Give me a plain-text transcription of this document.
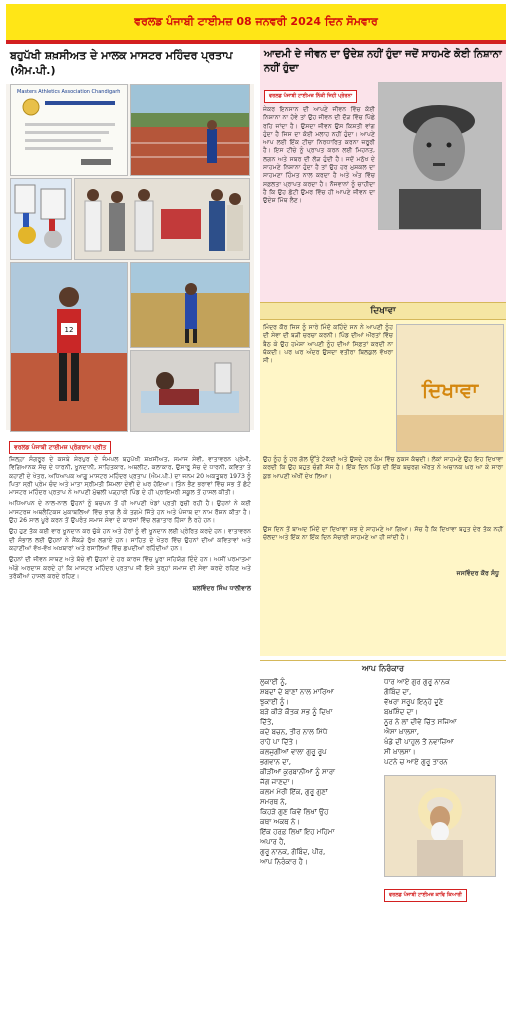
ਵਰਲਡ ਪੰਜਾਬੀ ਟਾਈਮਜ਼ 08 ਜਨਵਰੀ 2024 ਦਿਨ ਸੋਮਵਾਰ
ਬਹੁਪੱਖੀ ਸ਼ਖ਼ਸੀਅਤ ਦੇ ਮਾਲਕ ਮਾਸਟਰ ਮਹਿੰਦਰ ਪ੍ਰਤਾਪ (ਐਮ.ਪੀ.)
Masters Athletics Association Chandigarh
12
ਵਰਲਡ ਪੰਜਾਬੀ ਟਾਈਮਜ਼ ਪ੍ਰੋਗਰਾਮ ਪ੍ਰੀਤ

ਜ਼ਿਲ੍ਹਾ ਸੰਗਰੂਰ ਦੇ ਕਸਬੇ ਸ਼ੇਰਪੁਰ ਦੇ ਜੰਮਪਲ ਬਹੁਪੱਖੀ ਸ਼ਖ਼ਸੀਅਤ, ਸਮਾਜ ਸੇਵੀ, ਵਾਤਾਵਰਨ ਪ੍ਰੇਮੀ, ਵਿਗਿਆਨਕ ਸੋਚ ਦੇ ਧਾਰਨੀ, ਖੂਨਦਾਨੀ, ਸਾਹਿਤਕਾਰ, ਅਥਲੀਟ, ਕਲਾਕਾਰ, ਉਸਾਰੂ ਸੋਚ ਦੇ ਧਾਰਨੀ, ਕਵਿਤਾ ਤੇ ਕਹਾਣੀ ਦੇ ਖੇਤਰ, ਅਧਿਆਪਕ ਆਗੂ ਮਾਸਟਰ ਮਹਿੰਦਰ ਪ੍ਰਤਾਪ (ਐਮ.ਪੀ.) ਦਾ ਜਨਮ 20 ਅਕਤੂਬਰ 1973 ਨੂੰ ਪਿਤਾ ਸ੍ਰੀ ਪ੍ਰੇਮ ਚੰਦ ਅਤੇ ਮਾਤਾ ਸ੍ਰੀਮਤੀ ਸ਼ਿਮਲਾ ਦੇਵੀ ਦੇ ਘਰ ਹੋਇਆ। ਤਿੰਨ ਭੈਣ ਭਰਾਵਾਂ ਵਿੱਚ ਸਭ ਤੋਂ ਛੋਟੇ ਮਾਸਟਰ ਮਹਿੰਦਰ ਪ੍ਰਤਾਪ ਨੇ ਆਪਣੀ ਮੁੱਢਲੀ ਪੜ੍ਹਾਈ ਪਿੰਡ ਦੇ ਹੀ ਪ੍ਰਾਇਮਰੀ ਸਕੂਲ ਤੋਂ ਹਾਸਲ ਕੀਤੀ।

ਅਧਿਆਪਨ ਦੇ ਨਾਲ-ਨਾਲ ਉਹਨਾਂ ਨੂੰ ਬਚਪਨ ਤੋਂ ਹੀ ਆਪਣੀ ਖੇਡਾਂ ਪ੍ਰਤੀ ਰੁਚੀ ਰਹੀ ਹੈ। ਉਹਨਾਂ ਨੇ ਕਈ ਮਾਸਟਰਜ਼ ਅਥਲੈਟਿਕਸ ਮੁਕਾਬਲਿਆਂ ਵਿੱਚ ਭਾਗ ਲੈ ਕੇ ਤਗਮੇ ਜਿੱਤੇ ਹਨ ਅਤੇ ਪੰਜਾਬ ਦਾ ਨਾਮ ਰੌਸ਼ਨ ਕੀਤਾ ਹੈ। ਉਹ 26 ਸਾਲ ਪੂਰੇ ਕਰਨ ਤੋਂ ਉਪਰੰਤ ਸਮਾਜ ਸੇਵਾ ਦੇ ਕਾਰਜਾਂ ਵਿੱਚ ਲਗਾਤਾਰ ਹਿੱਸਾ ਲੈ ਰਹੇ ਹਨ।

ਉਹ ਹੁਣ ਤੱਕ ਕਈ ਵਾਰ ਖੂਨਦਾਨ ਕਰ ਚੁੱਕੇ ਹਨ ਅਤੇ ਹੋਰਾਂ ਨੂੰ ਵੀ ਖੂਨਦਾਨ ਲਈ ਪ੍ਰੇਰਿਤ ਕਰਦੇ ਹਨ। ਵਾਤਾਵਰਨ ਦੀ ਸੰਭਾਲ ਲਈ ਉਹਨਾਂ ਨੇ ਸੈਂਕੜੇ ਰੁੱਖ ਲਗਾਏ ਹਨ। ਸਾਹਿਤ ਦੇ ਖੇਤਰ ਵਿੱਚ ਉਹਨਾਂ ਦੀਆਂ ਕਵਿਤਾਵਾਂ ਅਤੇ ਕਹਾਣੀਆਂ ਵੱਖ-ਵੱਖ ਅਖ਼ਬਾਰਾਂ ਅਤੇ ਰਸਾਲਿਆਂ ਵਿੱਚ ਛਪਦੀਆਂ ਰਹਿੰਦੀਆਂ ਹਨ।

ਉਹਨਾਂ ਦੀ ਜੀਵਨ ਸਾਥਣ ਅਤੇ ਬੱਚੇ ਵੀ ਉਹਨਾਂ ਦੇ ਹਰ ਕਾਰਜ ਵਿੱਚ ਪੂਰਾ ਸਹਿਯੋਗ ਦਿੰਦੇ ਹਨ। ਅਸੀਂ ਪਰਮਾਤਮਾ ਅੱਗੇ ਅਰਦਾਸ ਕਰਦੇ ਹਾਂ ਕਿ ਮਾਸਟਰ ਮਹਿੰਦਰ ਪ੍ਰਤਾਪ ਜੀ ਇਸੇ ਤਰ੍ਹਾਂ ਸਮਾਜ ਦੀ ਸੇਵਾ ਕਰਦੇ ਰਹਿਣ ਅਤੇ ਤਰੱਕੀਆਂ ਹਾਸਲ ਕਰਦੇ ਰਹਿਣ।

ਬਲਵਿੰਦਰ ਸਿੰਘ ਧਾਲੀਵਾਲ

ਆਦਮੀ ਦੇ ਜੀਵਨ ਦਾ ਉਦੇਸ਼ ਨਹੀਂ ਹੁੰਦਾ ਜਦੋਂ ਸਾਹਮਣੇ ਕੋਈ ਨਿਸ਼ਾਨਾ ਨਹੀਂ ਹੁੰਦਾ
ਵਰਲਡ ਪੰਜਾਬੀ ਟਾਈਮਜ਼ ਨਿੱਕੀ ਜਿਹੀ ਪ੍ਰੇਰਨਾ

ਜੇਕਰ ਇਨਸਾਨ ਦੀ ਆਪਣੇ ਜੀਵਨ ਵਿੱਚ ਕੋਈ ਨਿਸ਼ਾਨਾ ਨਾ ਹੋਵੇ ਤਾਂ ਉਹ ਜੀਵਨ ਦੀ ਦੌੜ ਵਿੱਚ ਪਿੱਛੇ ਰਹਿ ਜਾਂਦਾ ਹੈ। ਉਸਦਾ ਜੀਵਨ ਉਸ ਕਿਸ਼ਤੀ ਵਾਂਗ ਹੁੰਦਾ ਹੈ ਜਿਸ ਦਾ ਕੋਈ ਮਲਾਹ ਨਹੀਂ ਹੁੰਦਾ। ਆਪਣੇ ਆਪ ਲਈ ਇੱਕ ਟੀਚਾ ਨਿਰਧਾਰਿਤ ਕਰਨਾ ਜ਼ਰੂਰੀ ਹੈ। ਇਸ ਟੀਚੇ ਨੂੰ ਪ੍ਰਾਪਤ ਕਰਨ ਲਈ ਮਿਹਨਤ, ਲਗਨ ਅਤੇ ਸਬਰ ਦੀ ਲੋੜ ਹੁੰਦੀ ਹੈ। ਜਦੋਂ ਮਨੁੱਖ ਦੇ ਸਾਹਮਣੇ ਨਿਸ਼ਾਨਾ ਹੁੰਦਾ ਹੈ ਤਾਂ ਉਹ ਹਰ ਮੁਸ਼ਕਲ ਦਾ ਸਾਹਮਣਾ ਹਿੰਮਤ ਨਾਲ ਕਰਦਾ ਹੈ ਅਤੇ ਅੰਤ ਵਿੱਚ ਸਫ਼ਲਤਾ ਪ੍ਰਾਪਤ ਕਰਦਾ ਹੈ। ਨੌਜਵਾਨਾਂ ਨੂੰ ਚਾਹੀਦਾ ਹੈ ਕਿ ਉਹ ਛੋਟੀ ਉਮਰ ਵਿੱਚ ਹੀ ਆਪਣੇ ਜੀਵਨ ਦਾ ਉਦੇਸ਼ ਮਿੱਥ ਲੈਣ।

ਦਿਖਾਵਾ
ਦਿਖਾਵਾ

ਮਿੰਦਰ ਕੌਰ ਜਿਸ ਨੂੰ ਸਾਰੇ ਮਿੰਦੋ ਕਹਿੰਦੇ ਸਨ ਨੇ ਆਪਣੀ ਨੂੰਹ ਦੀ ਸੇਵਾ ਦੀ ਬੜੀ ਚਰਚਾ ਕਰਨੀ। ਪਿੰਡ ਦੀਆਂ ਔਰਤਾਂ ਵਿੱਚ ਬੈਠ ਕੇ ਉਹ ਹਮੇਸ਼ਾ ਆਪਣੀ ਨੂੰਹ ਦੀਆਂ ਸਿਫ਼ਤਾਂ ਕਰਦੀ ਨਾ ਥੱਕਦੀ। ਪਰ ਘਰ ਅੰਦਰ ਉਸਦਾ ਵਤੀਰਾ ਬਿਲਕੁਲ ਵੱਖਰਾ ਸੀ।

ਉਹ ਨੂੰਹ ਨੂੰ ਹਰ ਗੱਲ ਉੱਤੇ ਟੋਕਦੀ ਅਤੇ ਉਸਦੇ ਹਰ ਕੰਮ ਵਿੱਚ ਨੁਕਸ ਕੱਢਦੀ। ਲੋਕਾਂ ਸਾਹਮਣੇ ਉਹ ਇਹ ਦਿਖਾਵਾ ਕਰਦੀ ਕਿ ਉਹ ਬਹੁਤ ਚੰਗੀ ਸੱਸ ਹੈ। ਇੱਕ ਦਿਨ ਪਿੰਡ ਦੀ ਇੱਕ ਬਜ਼ੁਰਗ ਔਰਤ ਨੇ ਅਚਾਨਕ ਘਰ ਆ ਕੇ ਸਾਰਾ ਕੁਝ ਆਪਣੀ ਅੱਖੀਂ ਦੇਖ ਲਿਆ।

ਉਸ ਦਿਨ ਤੋਂ ਬਾਅਦ ਮਿੰਦੋ ਦਾ ਦਿਖਾਵਾ ਸਭ ਦੇ ਸਾਹਮਣੇ ਆ ਗਿਆ। ਸੱਚ ਹੈ ਕਿ ਦਿਖਾਵਾ ਬਹੁਤ ਦੇਰ ਤੱਕ ਨਹੀਂ ਚੱਲਦਾ ਅਤੇ ਇੱਕ ਨਾ ਇੱਕ ਦਿਨ ਸੱਚਾਈ ਸਾਹਮਣੇ ਆ ਹੀ ਜਾਂਦੀ ਹੈ।

ਜਸਵਿੰਦਰ ਕੌਰ ਸੰਧੂ

ਆਪ ਨਿਰੰਕਾਰ

ਲੁਕਾਈ ਨੂੰ,

ਸ਼ਬਦਾਂ ਦੇ ਬਾਣਾਂ ਨਾਲ ਮਾਰਿਆ

ਝੁਕਾਈ ਨੂੰ।

ਬੜੇ ਕੀੜੇ ਕੌਤਕ ਸਭ ਨੂੰ ਦਿਖਾ

ਦਿੱਤੇ,

ਕਦੇ ਬਚਨ, ਤੀਰ ਨਾਲ ਮਿੱਧੇ

ਰਾਹੇ ਪਾ ਦਿੱਤੇ।

ਕਲਜੁਗੀਆਂ ਵਾਲਾ ਗੁਰੂ ਰੂਪ

ਭਗਵਾਨ ਦਾ,

ਕੀੜੀਆਂ ਕੁਰਬਾਨੀਆਂ ਨੂੰ ਸਾਰਾ

ਜੱਗ ਜਾਣਦਾ।

ਕਲਮ ਮੇਰੀ ਇੱਕ, ਗੁਰੂ ਗੁਣਾਂ

ਸਮਰਥ ਨੇ,

ਕਿਹੜੇ ਗੁਣ ਕਿਵੇਂ ਲਿਖਾਂ ਉਹ

ਕਥਾ ਅਕਥ ਨੇ।

ਇੱਕ ਹਰਫ਼ ਲਿਖਾਂ ਇਹ ਮਹਿਮਾ

ਅਪਾਰ ਹੈ,

ਗੁਰੂ ਨਾਨਕ, ਗੋਬਿੰਦ, ਪੀਰ,

ਆਪ ਨਿਰੰਕਾਰ ਹੈ।

ਧਾਰ ਆਏ ਗੁਰ ਗੁਰੂ ਨਾਨਕ

ਗੋਬਿੰਦ ਦਾ,

ਵੱਖਰਾ ਸਰੂਪ ਇਨ੍ਹੇ ਦੂਣੇ

ਬਖ਼ਸ਼ਿੰਦ ਦਾ।

ਨੂਰ ਨੇ ਲਾਂ ਦੀਵੇ ਚਿੱਤ ਸਜਿਆ

ਐਸਾ ਖ਼ਾਲਸਾ,

ਖੰਡੇ ਦੀ ਪਾਹੁਲ ਤੋਂ ਨਵਾਜ਼ਿਆ

ਸੀ ਖ਼ਾਲਸਾ।

ਪਟਨੇ ਚ ਆਏ ਗੁਰੂ ਤਾਰਨ

ਵਰਲਡ ਪੰਜਾਬੀ ਟਾਈਮਜ਼ ਕਾਵਿ ਕਿਆਰੀ
